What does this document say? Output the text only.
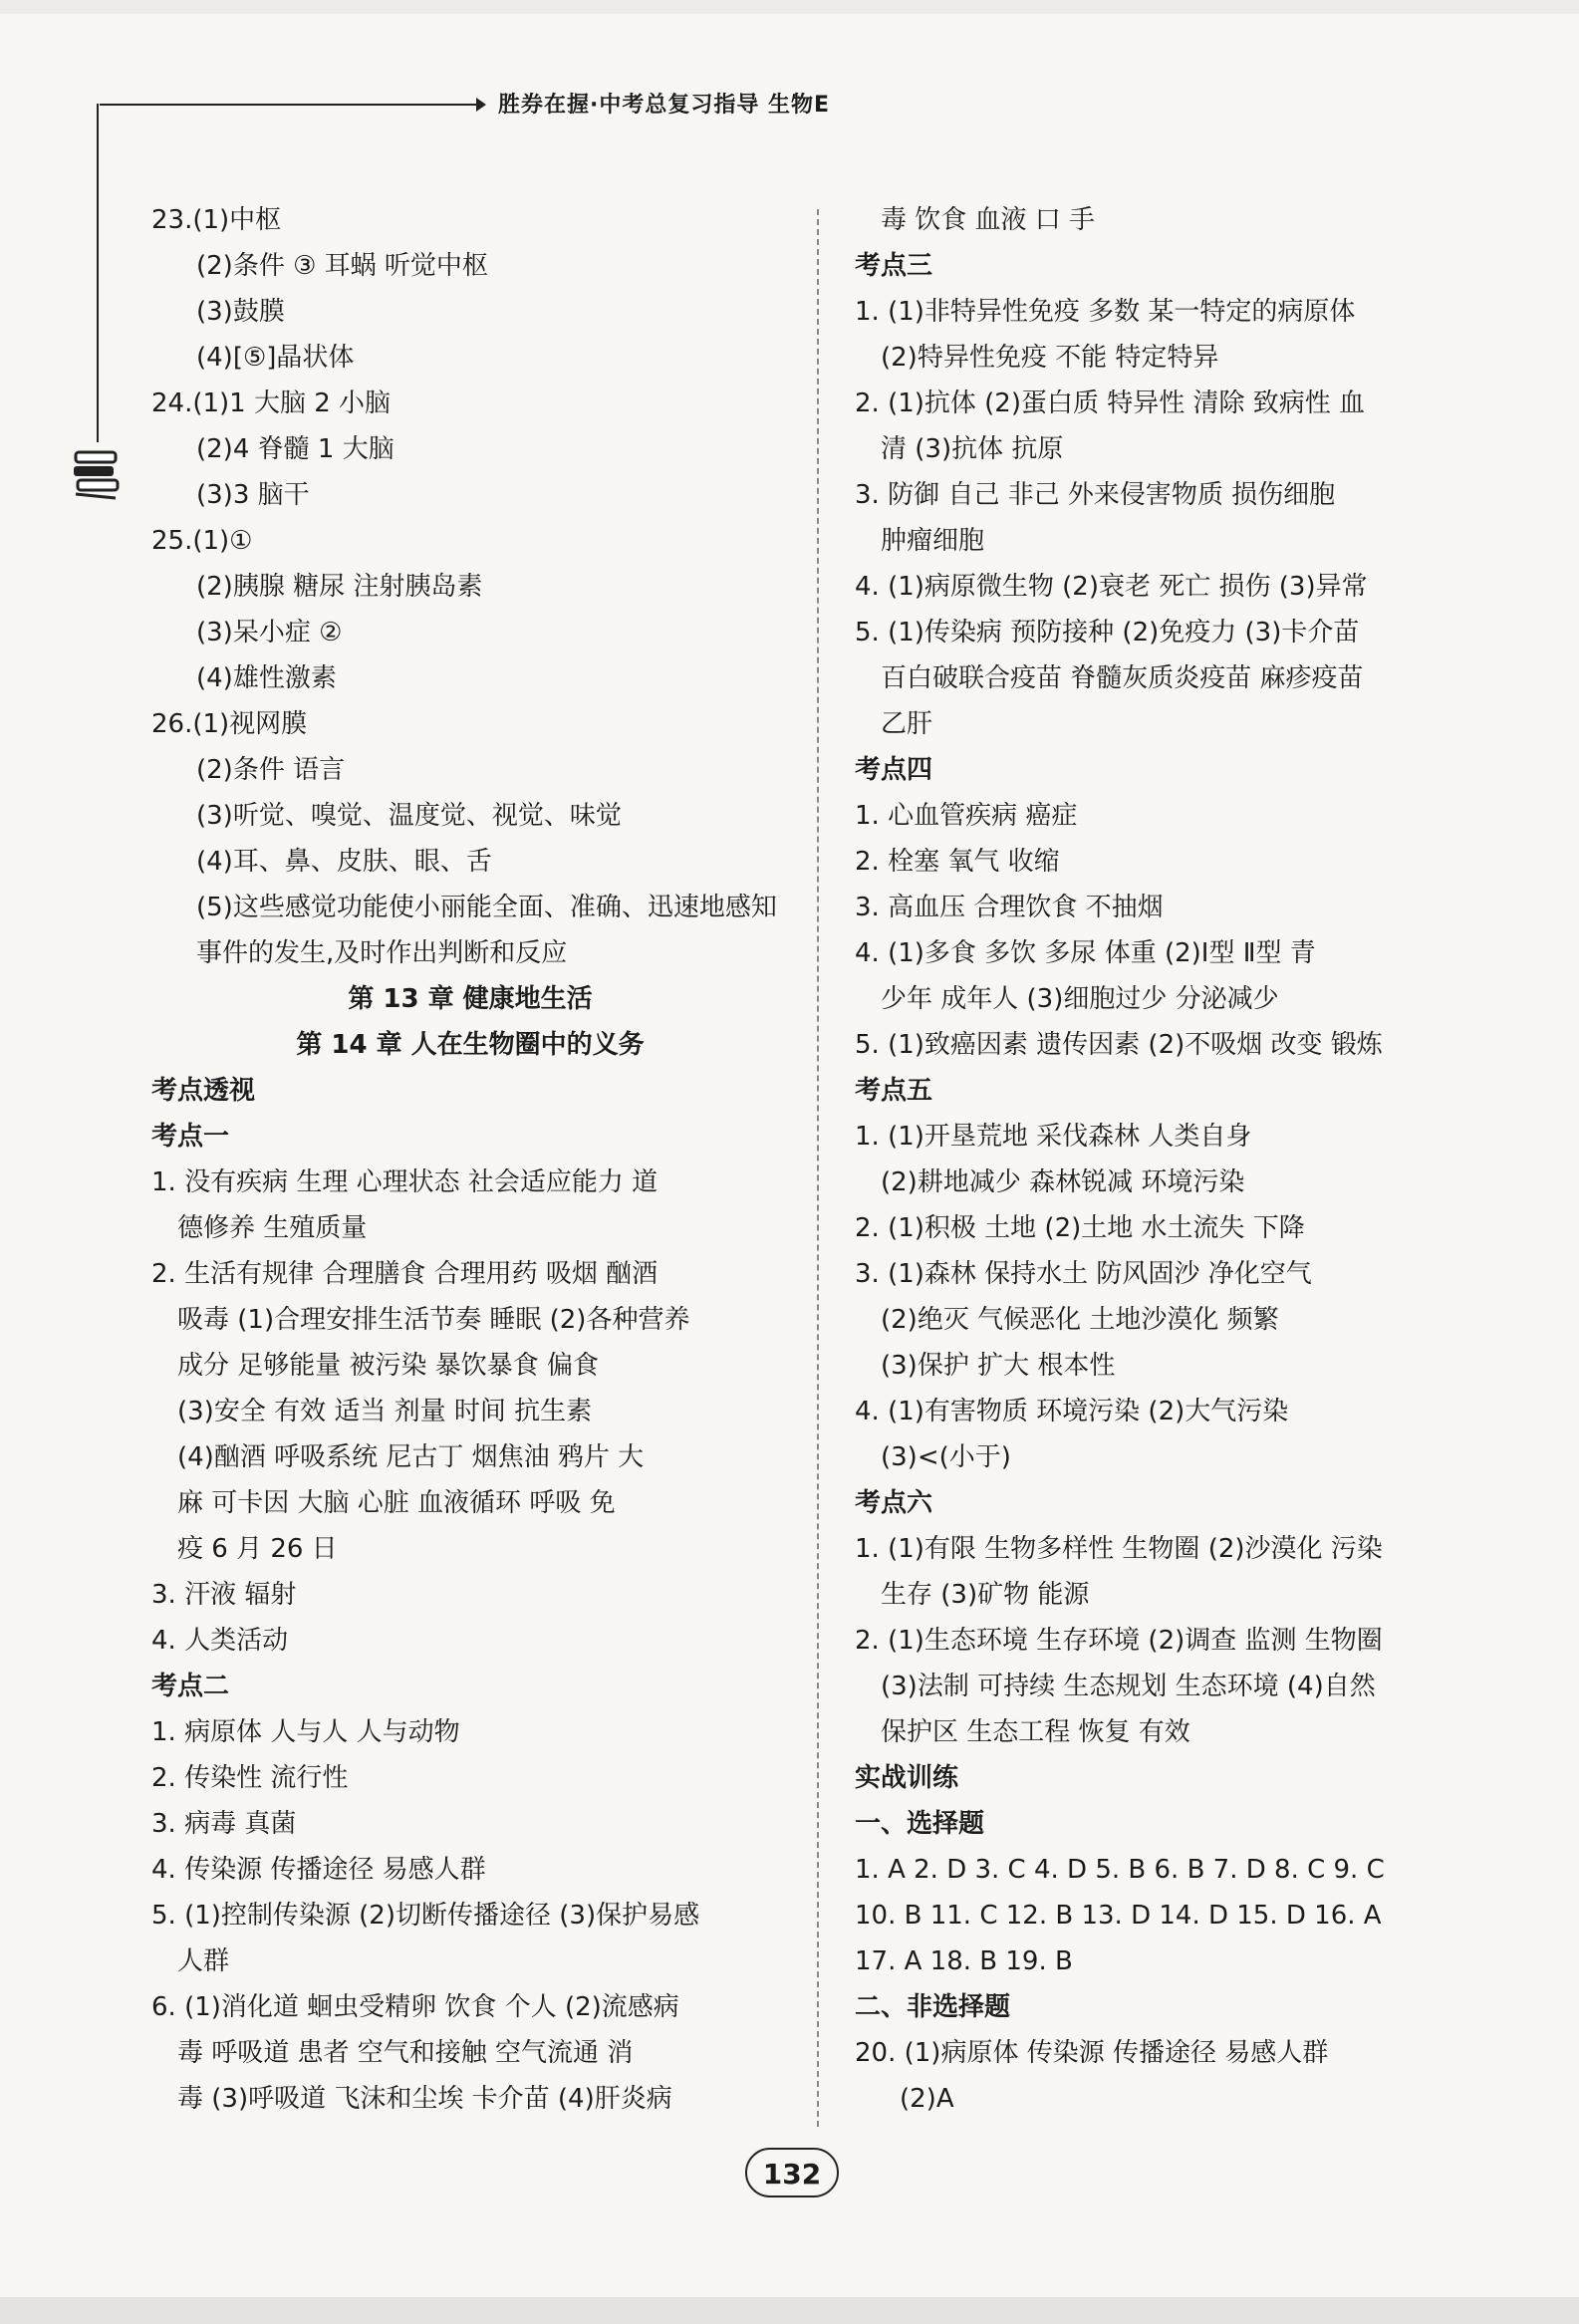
胜券在握·中考总复习指导 生物E
23.(1)中枢
(2)条件 ③ 耳蜗 听觉中枢
(3)鼓膜
(4)[⑤]晶状体
24.(1)1 大脑 2 小脑
(2)4 脊髓 1 大脑
(3)3 脑干
25.(1)①
(2)胰腺 糖尿 注射胰岛素
(3)呆小症 ②
(4)雄性激素
26.(1)视网膜
(2)条件 语言
(3)听觉、嗅觉、温度觉、视觉、味觉
(4)耳、鼻、皮肤、眼、舌
(5)这些感觉功能使小丽能全面、准确、迅速地感知
事件的发生,及时作出判断和反应
第 13 章 健康地生活
第 14 章 人在生物圈中的义务
考点透视
考点一
1. 没有疾病 生理 心理状态 社会适应能力 道
德修养 生殖质量
2. 生活有规律 合理膳食 合理用药 吸烟 酗酒
吸毒 (1)合理安排生活节奏 睡眠 (2)各种营养
成分 足够能量 被污染 暴饮暴食 偏食
(3)安全 有效 适当 剂量 时间 抗生素
(4)酗酒 呼吸系统 尼古丁 烟焦油 鸦片 大
麻 可卡因 大脑 心脏 血液循环 呼吸 免
疫 6 月 26 日
3. 汗液 辐射
4. 人类活动
考点二
1. 病原体 人与人 人与动物
2. 传染性 流行性
3. 病毒 真菌
4. 传染源 传播途径 易感人群
5. (1)控制传染源 (2)切断传播途径 (3)保护易感
人群
6. (1)消化道 蛔虫受精卵 饮食 个人 (2)流感病
毒 呼吸道 患者 空气和接触 空气流通 消
毒 (3)呼吸道 飞沫和尘埃 卡介苗 (4)肝炎病
毒 饮食 血液 口 手
考点三
1. (1)非特异性免疫 多数 某一特定的病原体
(2)特异性免疫 不能 特定特异
2. (1)抗体 (2)蛋白质 特异性 清除 致病性 血
清 (3)抗体 抗原
3. 防御 自己 非己 外来侵害物质 损伤细胞
肿瘤细胞
4. (1)病原微生物 (2)衰老 死亡 损伤 (3)异常
5. (1)传染病 预防接种 (2)免疫力 (3)卡介苗
百白破联合疫苗 脊髓灰质炎疫苗 麻疹疫苗
乙肝
考点四
1. 心血管疾病 癌症
2. 栓塞 氧气 收缩
3. 高血压 合理饮食 不抽烟
4. (1)多食 多饮 多尿 体重 (2)Ⅰ型 Ⅱ型 青
少年 成年人 (3)细胞过少 分泌减少
5. (1)致癌因素 遗传因素 (2)不吸烟 改变 锻炼
考点五
1. (1)开垦荒地 采伐森林 人类自身
(2)耕地减少 森林锐减 环境污染
2. (1)积极 土地 (2)土地 水土流失 下降
3. (1)森林 保持水土 防风固沙 净化空气
(2)绝灭 气候恶化 土地沙漠化 频繁
(3)保护 扩大 根本性
4. (1)有害物质 环境污染 (2)大气污染
(3)<(小于)
考点六
1. (1)有限 生物多样性 生物圈 (2)沙漠化 污染
生存 (3)矿物 能源
2. (1)生态环境 生存环境 (2)调查 监测 生物圈
(3)法制 可持续 生态规划 生态环境 (4)自然
保护区 生态工程 恢复 有效
实战训练
一、选择题
1. A 2. D 3. C 4. D 5. B 6. B 7. D 8. C 9. C
10. B 11. C 12. B 13. D 14. D 15. D 16. A
17. A 18. B 19. B
二、非选择题
20. (1)病原体 传染源 传播途径 易感人群
(2)A
132
